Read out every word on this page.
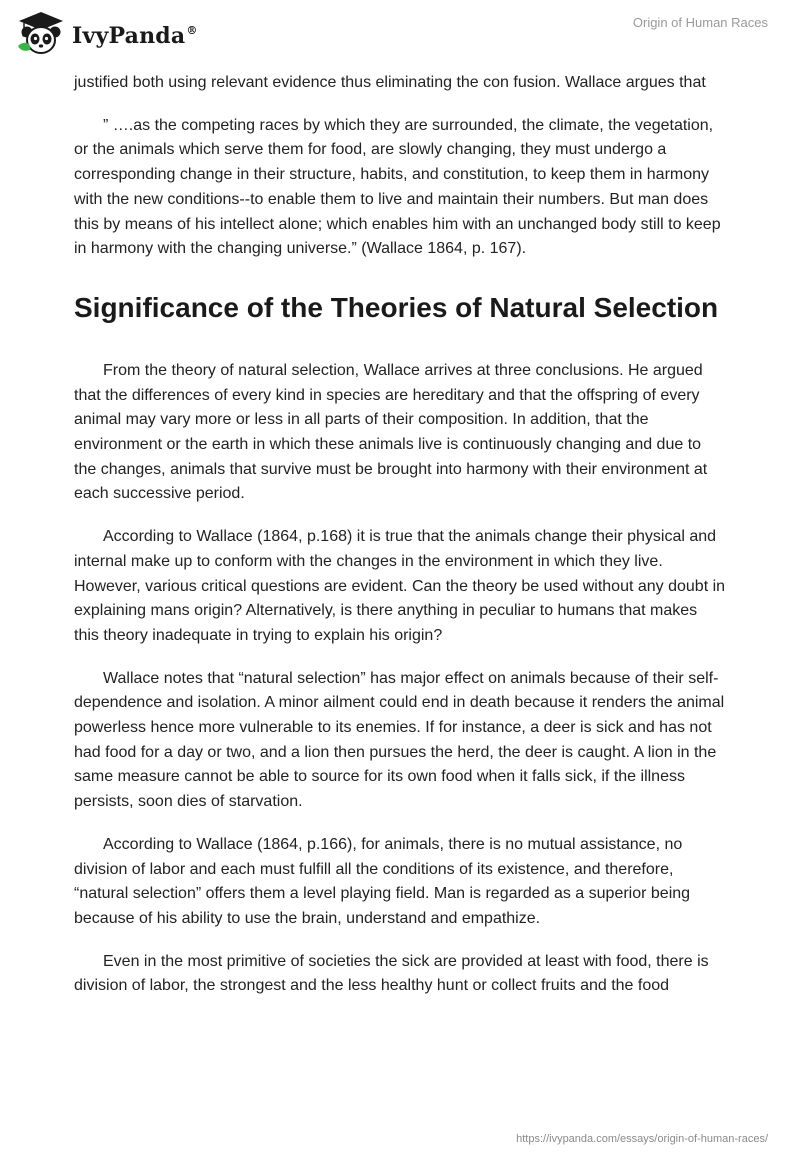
IvyPanda®
Origin of Human Races

justified both using relevant evidence thus eliminating the con fusion. Wallace argues that

” ….as the competing races by which they are surrounded, the climate, the vegetation, or the animals which serve them for food, are slowly changing, they must undergo a corresponding change in their structure, habits, and constitution, to keep them in harmony with the new conditions--to enable them to live and maintain their numbers. But man does this by means of his intellect alone; which enables him with an unchanged body still to keep in harmony with the changing universe.” (Wallace 1864, p. 167).

Significance of the Theories of Natural Selection

From the theory of natural selection, Wallace arrives at three conclusions. He argued that the differences of every kind in species are hereditary and that the offspring of every animal may vary more or less in all parts of their composition. In addition, that the environment or the earth in which these animals live is continuously changing and due to the changes, animals that survive must be brought into harmony with their environment at each successive period.

According to Wallace (1864, p.168) it is true that the animals change their physical and internal make up to conform with the changes in the environment in which they live. However, various critical questions are evident. Can the theory be used without any doubt in explaining mans origin? Alternatively, is there anything in peculiar to humans that makes this theory inadequate in trying to explain his origin?

Wallace notes that “natural selection” has major effect on animals because of their self-dependence and isolation. A minor ailment could end in death because it renders the animal powerless hence more vulnerable to its enemies. If for instance, a deer is sick and has not had food for a day or two, and a lion then pursues the herd, the deer is caught. A lion in the same measure cannot be able to source for its own food when it falls sick, if the illness persists, soon dies of starvation.

According to Wallace (1864, p.166), for animals, there is no mutual assistance, no division of labor and each must fulfill all the conditions of its existence, and therefore, “natural selection” offers them a level playing field. Man is regarded as a superior being because of his ability to use the brain, understand and empathize.

Even in the most primitive of societies the sick are provided at least with food, there is division of labor, the strongest and the less healthy hunt or collect fruits and the food

https://ivypanda.com/essays/origin-of-human-races/
